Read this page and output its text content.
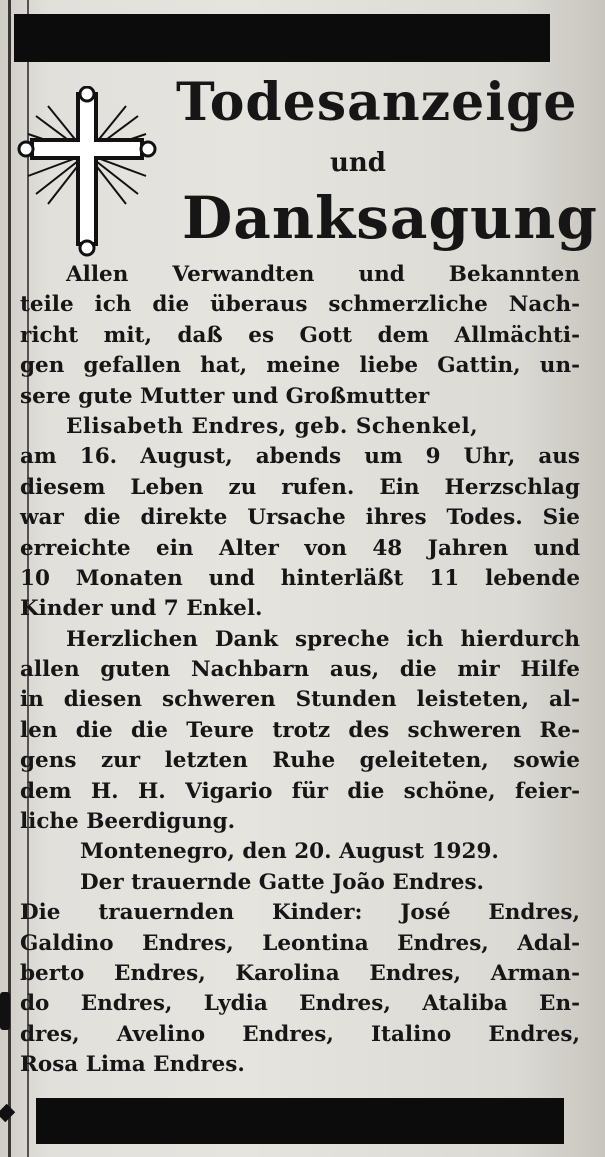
Todesanzeige
und
Danksagung
Allen Verwandten und Bekannten
teile ich die überaus schmerzliche Nach-
richt mit, daß es Gott dem Allmächti-
gen gefallen hat, meine liebe Gattin, un-
sere gute Mutter und Großmutter
Elisabeth Endres, geb. Schenkel,
am 16. August, abends um 9 Uhr, aus
diesem Leben zu rufen. Ein Herzschlag
war die direkte Ursache ihres Todes. Sie
erreichte ein Alter von 48 Jahren und
10 Monaten und hinterläßt 11 lebende
Kinder und 7 Enkel.
Herzlichen Dank spreche ich hierdurch
allen guten Nachbarn aus, die mir Hilfe
in diesen schweren Stunden leisteten, al-
len die die Teure trotz des schweren Re-
gens zur letzten Ruhe geleiteten, sowie
dem H. H. Vigario für die schöne, feier-
liche Beerdigung.
Montenegro, den 20. August 1929.
Der trauernde Gatte João Endres.
Die trauernden Kinder: José Endres,
Galdino Endres, Leontina Endres, Adal-
berto Endres, Karolina Endres, Arman-
do Endres, Lydia Endres, Ataliba En-
dres, Avelino Endres, Italino Endres,
Rosa Lima Endres.
